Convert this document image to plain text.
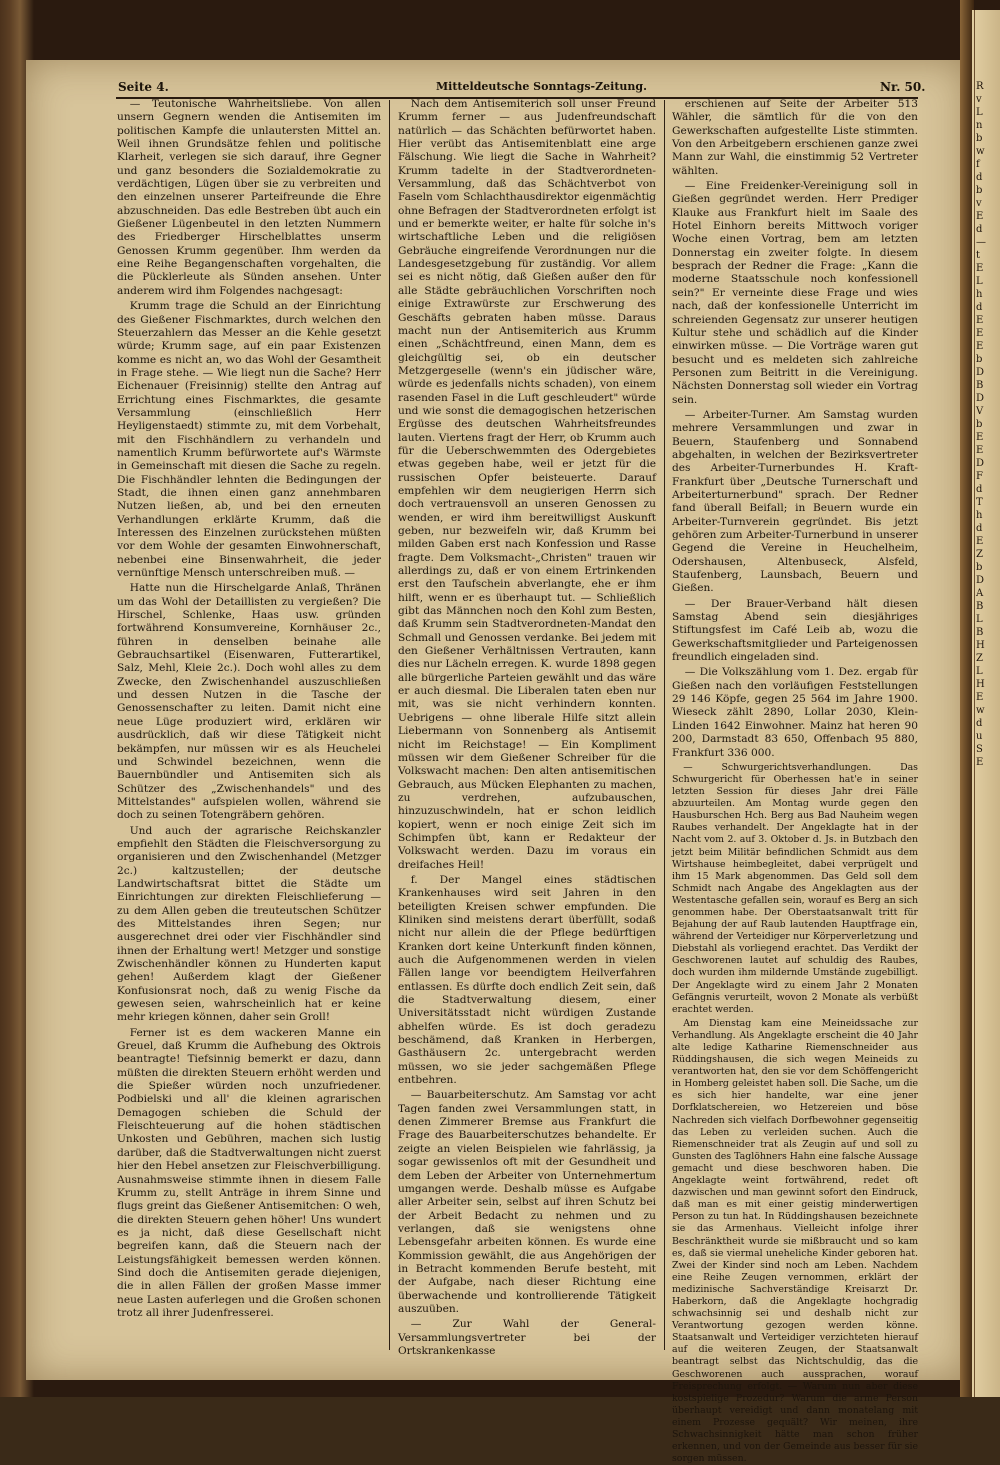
Seite 4.	Mitteldeutsche Sonntags-Zeitung.	Nr. 50.

— Teutonische Wahrheitsliebe. Von allen unsern Gegnern wenden die Antisemiten im politischen Kampfe die unlautersten Mittel an. Weil ihnen Grundsätze fehlen und politische Klarheit, verlegen sie sich darauf, ihre Gegner und ganz besonders die Sozialdemokratie zu verdächtigen, Lügen über sie zu verbreiten und den einzelnen unserer Parteifreunde die Ehre abzuschneiden. Das edle Bestreben übt auch ein Gießener Lügenbeutel in den letzten Nummern des Friedberger Hirschelblattes unserm Genossen Krumm gegenüber. Ihm werden da eine Reihe Begangenschaften vorgehalten, die die Pücklerleute als Sünden ansehen. Unter anderem wird ihm Folgendes nachgesagt:

Krumm trage die Schuld an der Einrichtung des Gießener Fischmarktes, durch welchen den Steuerzahlern das Messer an die Kehle gesetzt würde; Krumm sage, auf ein paar Existenzen komme es nicht an, wo das Wohl der Gesamtheit in Frage stehe. — Wie liegt nun die Sache? Herr Eichenauer (Freisinnig) stellte den Antrag auf Errichtung eines Fischmarktes, die gesamte Versammlung (einschließlich Herr Heyligenstaedt) stimmte zu, mit dem Vorbehalt, mit den Fischhändlern zu verhandeln und namentlich Krumm befürwortete auf's Wärmste in Gemeinschaft mit diesen die Sache zu regeln. Die Fischhändler lehnten die Bedingungen der Stadt, die ihnen einen ganz annehmbaren Nutzen ließen, ab, und bei den erneuten Verhandlungen erklärte Krumm, daß die Interessen des Einzelnen zurückstehen müßten vor dem Wohle der gesamten Einwohnerschaft, nebenbei eine Binsenwahrheit, die jeder vernünftige Mensch unterschreiben muß. —

Hatte nun die Hirschelgarde Anlaß, Thränen um das Wohl der Detaillisten zu vergießen? Die Hirschel, Schlenke, Haas usw. gründen fortwährend Konsumvereine, Kornhäuser 2c., führen in denselben beinahe alle Gebrauchsartikel (Eisenwaren, Futterartikel, Salz, Mehl, Kleie 2c.). Doch wohl alles zu dem Zwecke, den Zwischenhandel auszuschließen und dessen Nutzen in die Tasche der Genossenschafter zu leiten. Damit nicht eine neue Lüge produziert wird, erklären wir ausdrücklich, daß wir diese Tätigkeit nicht bekämpfen, nur müssen wir es als Heuchelei und Schwindel bezeichnen, wenn die Bauernbündler und Antisemiten sich als Schützer des „Zwischenhandels" und des Mittelstandes" aufspielen wollen, während sie doch zu seinen Totengräbern gehören.

Und auch der agrarische Reichskanzler empfiehlt den Städten die Fleischversorgung zu organisieren und den Zwischenhandel (Metzger 2c.) kaltzustellen; der deutsche Landwirtschaftsrat bittet die Städte um Einrichtungen zur direkten Fleischlieferung — zu dem Allen geben die treuteutschen Schützer des Mittelstandes ihren Segen; nur ausgerechnet drei oder vier Fischhändler sind ihnen der Erhaltung wert! Metzger und sonstige Zwischenhändler können zu Hunderten kaput gehen! Außerdem klagt der Gießener Konfusionsrat noch, daß zu wenig Fische da gewesen seien, wahrscheinlich hat er keine mehr kriegen können, daher sein Groll!

Ferner ist es dem wackeren Manne ein Greuel, daß Krumm die Aufhebung des Oktrois beantragte! Tiefsinnig bemerkt er dazu, dann müßten die direkten Steuern erhöht werden und die Spießer würden noch unzufriedener. Podbielski und all' die kleinen agrarischen Demagogen schieben die Schuld der Fleischteuerung auf die hohen städtischen Unkosten und Gebühren, machen sich lustig darüber, daß die Stadtverwaltungen nicht zuerst hier den Hebel ansetzen zur Fleischverbilligung. Ausnahmsweise stimmte ihnen in diesem Falle Krumm zu, stellt Anträge in ihrem Sinne und flugs greint das Gießener Antisemitchen: O weh, die direkten Steuern gehen höher! Uns wundert es ja nicht, daß diese Gesellschaft nicht begreifen kann, daß die Steuern nach der Leistungsfähigkeit bemessen werden können. Sind doch die Antisemiten gerade diejenigen, die in allen Fällen der großen Masse immer neue Lasten auferlegen und die Großen schonen trotz all ihrer Judenfresserei.

Nach dem Antisemiterich soll unser Freund Krumm ferner — aus Judenfreundschaft natürlich — das Schächten befürwortet haben. Hier verübt das Antisemitenblatt eine arge Fälschung. Wie liegt die Sache in Wahrheit? Krumm tadelte in der Stadtverordneten-Versammlung, daß das Schächtverbot von Faseln vom Schlachthausdirektor eigenmächtig ohne Befragen der Stadtverordneten erfolgt ist und er bemerkte weiter, er halte für solche in's wirtschaftliche Leben und die religiösen Gebräuche eingreifende Verordnungen nur die Landesgesetzgebung für zuständig. Vor allem sei es nicht nötig, daß Gießen außer den für alle Städte gebräuchlichen Vorschriften noch einige Extrawürste zur Erschwerung des Geschäfts gebraten haben müsse. Daraus macht nun der Antisemiterich aus Krumm einen „Schächtfreund, einen Mann, dem es gleichgültig sei, ob ein deutscher Metzgergeselle (wenn's ein jüdischer wäre, würde es jedenfalls nichts schaden), von einem rasenden Fasel in die Luft geschleudert" würde und wie sonst die demagogischen hetzerischen Ergüsse des deutschen Wahrheitsfreundes lauten. Viertens fragt der Herr, ob Krumm auch für die Ueberschwemmten des Odergebietes etwas gegeben habe, weil er jetzt für die russischen Opfer beisteuerte. Darauf empfehlen wir dem neugierigen Herrn sich doch vertrauensvoll an unseren Genossen zu wenden, er wird ihm bereitwilligst Auskunft geben, nur bezweifeln wir, daß Krumm bei milden Gaben erst nach Konfession und Rasse fragte. Dem Volksmacht-„Christen" trauen wir allerdings zu, daß er von einem Ertrinkenden erst den Taufschein abverlangte, ehe er ihm hilft, wenn er es überhaupt tut. — Schließlich gibt das Männchen noch den Kohl zum Besten, daß Krumm sein Stadtverordneten-Mandat den Schmall und Genossen verdanke. Bei jedem mit den Gießener Verhältnissen Vertrauten, kann dies nur Lächeln erregen. K. wurde 1898 gegen alle bürgerliche Parteien gewählt und das wäre er auch diesmal. Die Liberalen taten eben nur mit, was sie nicht verhindern konnten. Uebrigens — ohne liberale Hilfe sitzt allein Liebermann von Sonnenberg als Antisemit nicht im Reichstage! — Ein Kompliment müssen wir dem Gießener Schreiber für die Volkswacht machen: Den alten antisemitischen Gebrauch, aus Mücken Elephanten zu machen, zu verdrehen, aufzubauschen, hinzuzuschwindeln, hat er schon leidlich kopiert, wenn er noch einige Zeit sich im Schimpfen übt, kann er Redakteur der Volkswacht werden. Dazu im voraus ein dreifaches Heil!

f. Der Mangel eines städtischen Krankenhauses wird seit Jahren in den beteiligten Kreisen schwer empfunden. Die Kliniken sind meistens derart überfüllt, sodaß nicht nur allein die der Pflege bedürftigen Kranken dort keine Unterkunft finden können, auch die Aufgenommenen werden in vielen Fällen lange vor beendigtem Heilverfahren entlassen. Es dürfte doch endlich Zeit sein, daß die Stadtverwaltung diesem, einer Universitätsstadt nicht würdigen Zustande abhelfen würde. Es ist doch geradezu beschämend, daß Kranken in Herbergen, Gasthäusern 2c. untergebracht werden müssen, wo sie jeder sachgemäßen Pflege entbehren.

— Bauarbeiterschutz. Am Samstag vor acht Tagen fanden zwei Versammlungen statt, in denen Zimmerer Bremse aus Frankfurt die Frage des Bauarbeiterschutzes behandelte. Er zeigte an vielen Beispielen wie fahrlässig, ja sogar gewissenlos oft mit der Gesundheit und dem Leben der Arbeiter von Unternehmertum umgangen werde. Deshalb müsse es Aufgabe aller Arbeiter sein, selbst auf ihren Schutz bei der Arbeit Bedacht zu nehmen und zu verlangen, daß sie wenigstens ohne Lebensgefahr arbeiten können. Es wurde eine Kommission gewählt, die aus Angehörigen der in Betracht kommenden Berufe besteht, mit der Aufgabe, nach dieser Richtung eine überwachende und kontrollierende Tätigkeit auszuüben.

— Zur Wahl der General-Versammlungsvertreter bei der Ortskrankenkasse

erschienen auf Seite der Arbeiter 513 Wähler, die sämtlich für die von den Gewerkschaften aufgestellte Liste stimmten. Von den Arbeitgebern erschienen ganze zwei Mann zur Wahl, die einstimmig 52 Vertreter wählten.

— Eine Freidenker-Vereinigung soll in Gießen gegründet werden. Herr Prediger Klauke aus Frankfurt hielt im Saale des Hotel Einhorn bereits Mittwoch voriger Woche einen Vortrag, bem am letzten Donnerstag ein zweiter folgte. In diesem besprach der Redner die Frage: „Kann die moderne Staatsschule noch konfessionell sein?" Er verneinte diese Frage und wies nach, daß der konfessionelle Unterricht im schreienden Gegensatz zur unserer heutigen Kultur stehe und schädlich auf die Kinder einwirken müsse. — Die Vorträge waren gut besucht und es meldeten sich zahlreiche Personen zum Beitritt in die Vereinigung. Nächsten Donnerstag soll wieder ein Vortrag sein.

— Arbeiter-Turner. Am Samstag wurden mehrere Versammlungen und zwar in Beuern, Staufenberg und Sonnabend abgehalten, in welchen der Bezirksvertreter des Arbeiter-Turnerbundes H. Kraft-Frankfurt über „Deutsche Turnerschaft und Arbeiterturnerbund" sprach. Der Redner fand überall Beifall; in Beuern wurde ein Arbeiter-Turnverein gegründet. Bis jetzt gehören zum Arbeiter-Turnerbund in unserer Gegend die Vereine in Heuchelheim, Odershausen, Altenbuseck, Alsfeld, Staufenberg, Launsbach, Beuern und Gießen.

— Der Brauer-Verband hält diesen Samstag Abend sein diesjähriges Stiftungsfest im Café Leib ab, wozu die Gewerkschaftsmitglieder und Parteigenossen freundlich eingeladen sind.

— Die Volkszählung vom 1. Dez. ergab für Gießen nach den vorläufigen Feststellungen 29 146 Köpfe, gegen 25 564 im Jahre 1900. Wieseck zählt 2890, Lollar 2030, Klein-Linden 1642 Einwohner. Mainz hat heren 90 200, Darmstadt 83 650, Offenbach 95 880, Frankfurt 336 000.

— Schwurgerichtsverhandlungen. Das Schwurgericht für Oberhessen hat'e in seiner letzten Session für dieses Jahr drei Fälle abzuurteilen. Am Montag wurde gegen den Hausburschen Hch. Berg aus Bad Nauheim wegen Raubes verhandelt. Der Angeklagte hat in der Nacht vom 2. auf 3. Oktober d. Js. in Butzbach den jetzt beim Militär befindlichen Schmidt aus dem Wirtshause heimbegleitet, dabei verprügelt und ihm 15 Mark abgenommen. Das Geld soll dem Schmidt nach Angabe des Angeklagten aus der Westentasche gefallen sein, worauf es Berg an sich genommen habe. Der Oberstaatsanwalt tritt für Bejahung der auf Raub lautenden Hauptfrage ein, während der Verteidiger nur Körperverletzung und Diebstahl als vorliegend erachtet. Das Verdikt der Geschworenen lautet auf schuldig des Raubes, doch wurden ihm mildernde Umstände zugebilligt. Der Angeklagte wird zu einem Jahr 2 Monaten Gefängnis verurteilt, wovon 2 Monate als verbüßt erachtet werden.

Am Dienstag kam eine Meineidssache zur Verhandlung. Als Angeklagte erscheint die 40 Jahr alte ledige Katharine Riemenschneider aus Rüddingshausen, die sich wegen Meineids zu verantworten hat, den sie vor dem Schöffengericht in Homberg geleistet haben soll. Die Sache, um die es sich hier handelte, war eine jener Dorfklatschereien, wo Hetzereien und böse Nachreden sich vielfach Dorfbewohner gegenseitig das Leben zu verleiden suchen. Auch die Riemenschneider trat als Zeugin auf und soll zu Gunsten des Taglöhners Hahn eine falsche Aussage gemacht und diese beschworen haben. Die Angeklagte weint fortwährend, redet oft dazwischen und man gewinnt sofort den Eindruck, daß man es mit einer geistig minderwertigen Person zu tun hat. In Rüddingshausen bezeichnete sie das Armenhaus. Vielleicht infolge ihrer Beschränktheit wurde sie mißbraucht und so kam es, daß sie viermal uneheliche Kinder geboren hat. Zwei der Kinder sind noch am Leben. Nachdem eine Reihe Zeugen vernommen, erklärt der medizinische Sachverständige Kreisarzt Dr. Haberkorn, daß die Angeklagte hochgradig schwachsinnig sei und deshalb nicht zur Verantwortung gezogen werden könne. Staatsanwalt und Verteidiger verzichteten hierauf auf die weiteren Zeugen, der Staatsanwalt beantragt selbst das Nichtschuldig, das die Geschworenen auch aussprachen, worauf Freisprechung erfolgt. — Warum nun aber diese kostspielige Prozedur? Warum die arme Person überhaupt vereidigt und dann monatelang mit einem Prozesse gequält? Wir meinen, ihre Schwachsinnigkeit hätte man schon früher erkennen, und von der Gemeinde aus besser für sie sorgen müssen.

R
v
L
n
b
w
f
d
b
v
E
d
—
t
E
L
h
d
E
E
E
b
D
B
D
V
b
E
E
D
F
d
T
h
d
E
Z
b
D
A
B
L
B
H
Z
L
H
E
w
d
u
S
E
